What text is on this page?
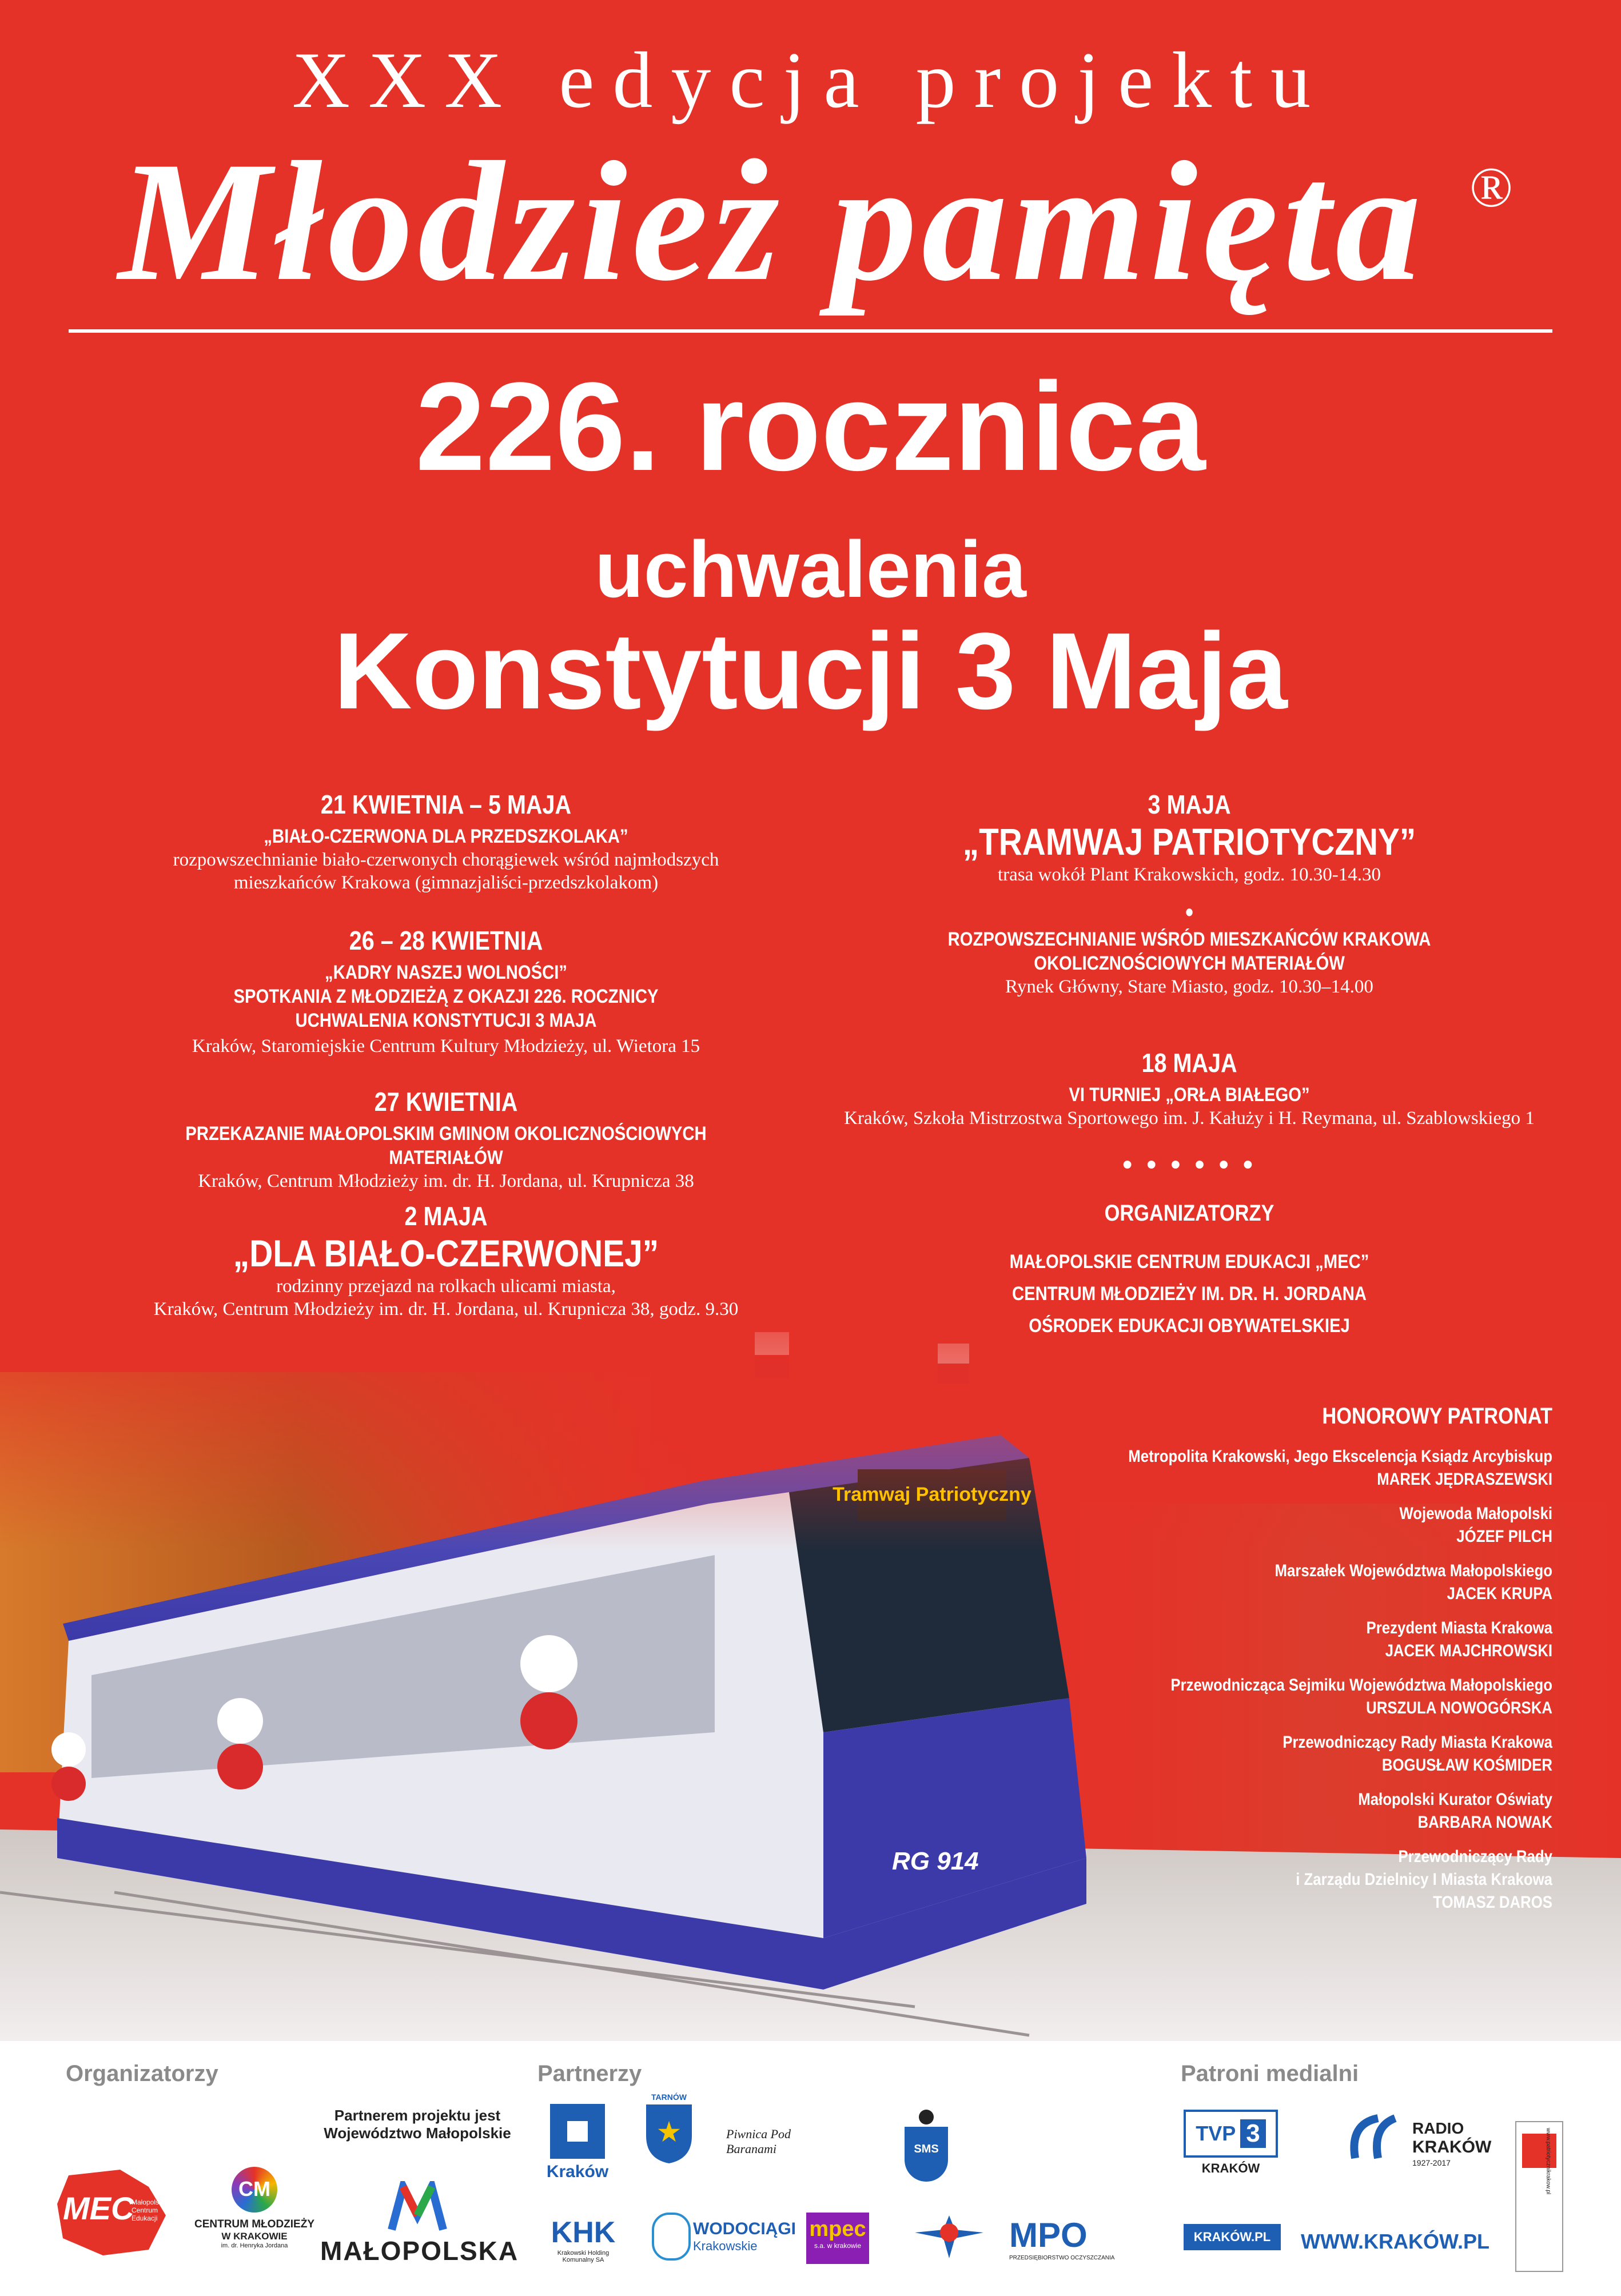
XXX edycja projektu
Młodzież pamięta ®
226. rocznica
uchwalenia
Konstytucji 3 Maja
Tramwaj Patriotyczny
RG 914
21 KWIETNIA – 5 MAJA
„BIAŁO-CZERWONA DLA PRZEDSZKOLAKA”
rozpowszechnianie biało-czerwonych chorągiewek wśród najmłodszych
mieszkańców Krakowa (gimnazjaliści-przedszkolakom)
26 – 28 KWIETNIA
„KADRY NASZEJ WOLNOŚCI”
SPOTKANIA Z MŁODZIEŻĄ Z OKAZJI 226. ROCZNICY
UCHWALENIA KONSTYTUCJI 3 MAJA
Kraków, Staromiejskie Centrum Kultury Młodzieży, ul. Wietora 15
27 KWIETNIA
PRZEKAZANIE MAŁOPOLSKIM GMINOM OKOLICZNOŚCIOWYCH MATERIAŁÓW
Kraków, Centrum Młodzieży im. dr. H. Jordana, ul. Krupnicza 38
2 MAJA
„DLA BIAŁO-CZERWONEJ”
rodzinny przejazd na rolkach ulicami miasta,
Kraków, Centrum Młodzieży im. dr. H. Jordana, ul. Krupnicza 38, godz. 9.30
3 MAJA
„TRAMWAJ PATRIOTYCZNY”
trasa wokół Plant Krakowskich, godz. 10.30-14.30
•
ROZPOWSZECHNIANIE WŚRÓD MIESZKAŃCÓW KRAKOWA
OKOLICZNOŚCIOWYCH MATERIAŁÓW
Rynek Główny, Stare Miasto, godz. 10.30–14.00
18 MAJA
VI TURNIEJ „ORŁA BIAŁEGO”
Kraków, Szkoła Mistrzostwa Sportowego im. J. Kałuży i H. Reymana, ul. Szablowskiego 1
• • • • • •
ORGANIZATORZY
MAŁOPOLSKIE CENTRUM EDUKACJI „MEC”
CENTRUM MŁODZIEŻY IM. DR. H. JORDANA
OŚRODEK EDUKACJI OBYWATELSKIEJ
HONOROWY PATRONAT
Metropolita Krakowski, Jego Ekscelencja Ksiądz Arcybiskup
MAREK JĘDRASZEWSKI
Wojewoda Małopolski
JÓZEF PILCH
Marszałek Województwa Małopolskiego
JACEK KRUPA
Prezydent Miasta Krakowa
JACEK MAJCHROWSKI
Przewodnicząca Sejmiku Województwa Małopolskiego
URSZULA NOWOGÓRSKA
Przewodniczący Rady Miasta Krakowa
BOGUSŁAW KOŚMIDER
Małopolski Kurator Oświaty
BARBARA NOWAK
Przewodniczący Rady
i Zarządu Dzielnicy I Miasta Krakowa
TOMASZ DAROS
Organizatorzy	Partnerzy	Patroni medialni
MEC
Małopolskie Centrum Edukacji
CM
CENTRUM MŁODZIEŻY
W KRAKOWIE
im. dr. Henryka Jordana
Partnerem projektu jest
Województwo Małopolskie
MAŁOPOLSKA
Kraków
TARNÓW
★	Piwnica Pod Baranami	SMS
KHK
Krakowski Holding Komunalny SA
WODOCIĄGI
Krakowskie
mpec
s.a. w krakowie	MPO
PRZEDSIĘBIORSTWO OCZYSZCZANIA
TVP 3
KRAKÓW
RADIO
KRAKÓW
1927-2017
KRAKÓW.PL	WWW.KRAKÓW.PL
www.patriotycznikrakow.pl
